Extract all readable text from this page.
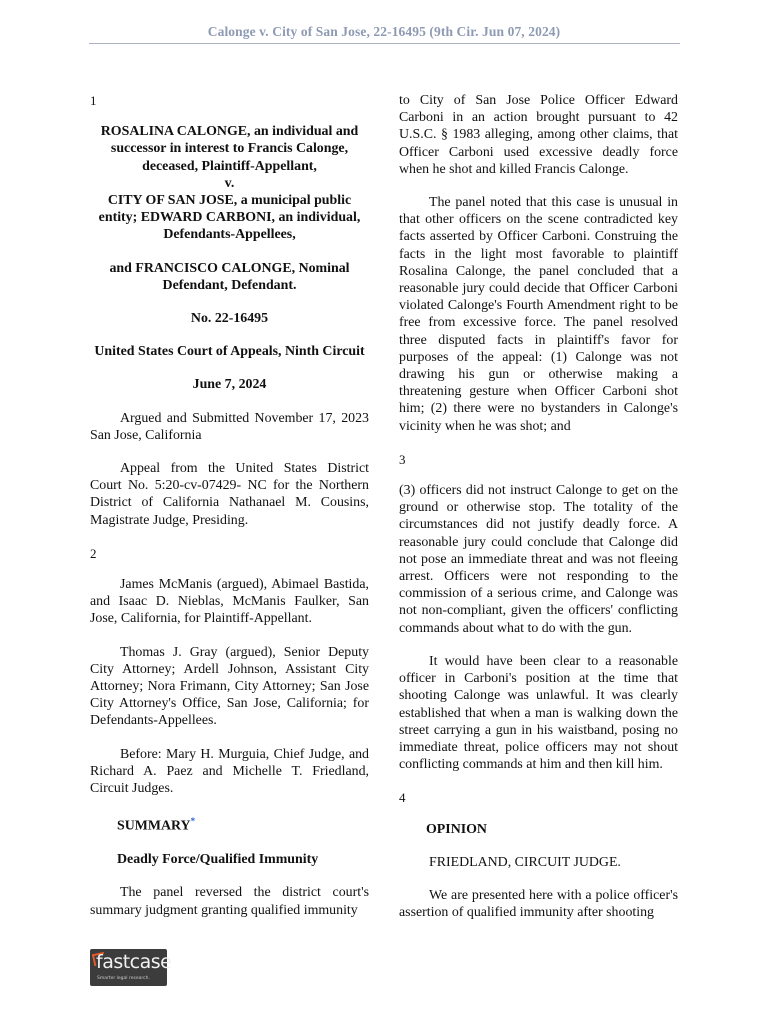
Calonge v. City of San Jose, 22-16495 (9th Cir. Jun 07, 2024)
1

ROSALINA CALONGE, an individual and successor in interest to Francis Calonge, deceased, Plaintiff-Appellant,

v.

CITY OF SAN JOSE, a municipal public entity; EDWARD CARBONI, an individual, Defendants-Appellees,

and FRANCISCO CALONGE, Nominal Defendant, Defendant.

No. 22-16495

United States Court of Appeals, Ninth Circuit

June 7, 2024

Argued and Submitted November 17, 2023 San Jose, California

Appeal from the United States District Court No. 5:20-cv-07429- NC for the Northern District of California Nathanael M. Cousins, Magistrate Judge, Presiding.

2

James McManis (argued), Abimael Bastida, and Isaac D. Nieblas, McManis Faulker, San Jose, California, for Plaintiff-Appellant.

Thomas J. Gray (argued), Senior Deputy City Attorney; Ardell Johnson, Assistant City Attorney; Nora Frimann, City Attorney; San Jose City Attorney's Office, San Jose, California; for Defendants-Appellees.

Before: Mary H. Murguia, Chief Judge, and Richard A. Paez and Michelle T. Friedland, Circuit Judges.

SUMMARY*

Deadly Force/Qualified Immunity

The panel reversed the district court's summary judgment granting qualified immunity

to City of San Jose Police Officer Edward Carboni in an action brought pursuant to 42 U.S.C. § 1983 alleging, among other claims, that Officer Carboni used excessive deadly force when he shot and killed Francis Calonge.

The panel noted that this case is unusual in that other officers on the scene contradicted key facts asserted by Officer Carboni. Construing the facts in the light most favorable to plaintiff Rosalina Calonge, the panel concluded that a reasonable jury could decide that Officer Carboni violated Calonge's Fourth Amendment right to be free from excessive force. The panel resolved three disputed facts in plaintiff's favor for purposes of the appeal: (1) Calonge was not drawing his gun or otherwise making a threatening gesture when Officer Carboni shot him; (2) there were no bystanders in Calonge's vicinity when he was shot; and

3

(3) officers did not instruct Calonge to get on the ground or otherwise stop. The totality of the circumstances did not justify deadly force. A reasonable jury could conclude that Calonge did not pose an immediate threat and was not fleeing arrest. Officers were not responding to the commission of a serious crime, and Calonge was not non-compliant, given the officers' conflicting commands about what to do with the gun.

It would have been clear to a reasonable officer in Carboni's position at the time that shooting Calonge was unlawful. It was clearly established that when a man is walking down the street carrying a gun in his waistband, posing no immediate threat, police officers may not shout conflicting commands at him and then kill him.

4

OPINION

FRIEDLAND, CIRCUIT JUDGE.

We are presented here with a police officer's assertion of qualified immunity after shooting

fastcase
Smarter legal research.
